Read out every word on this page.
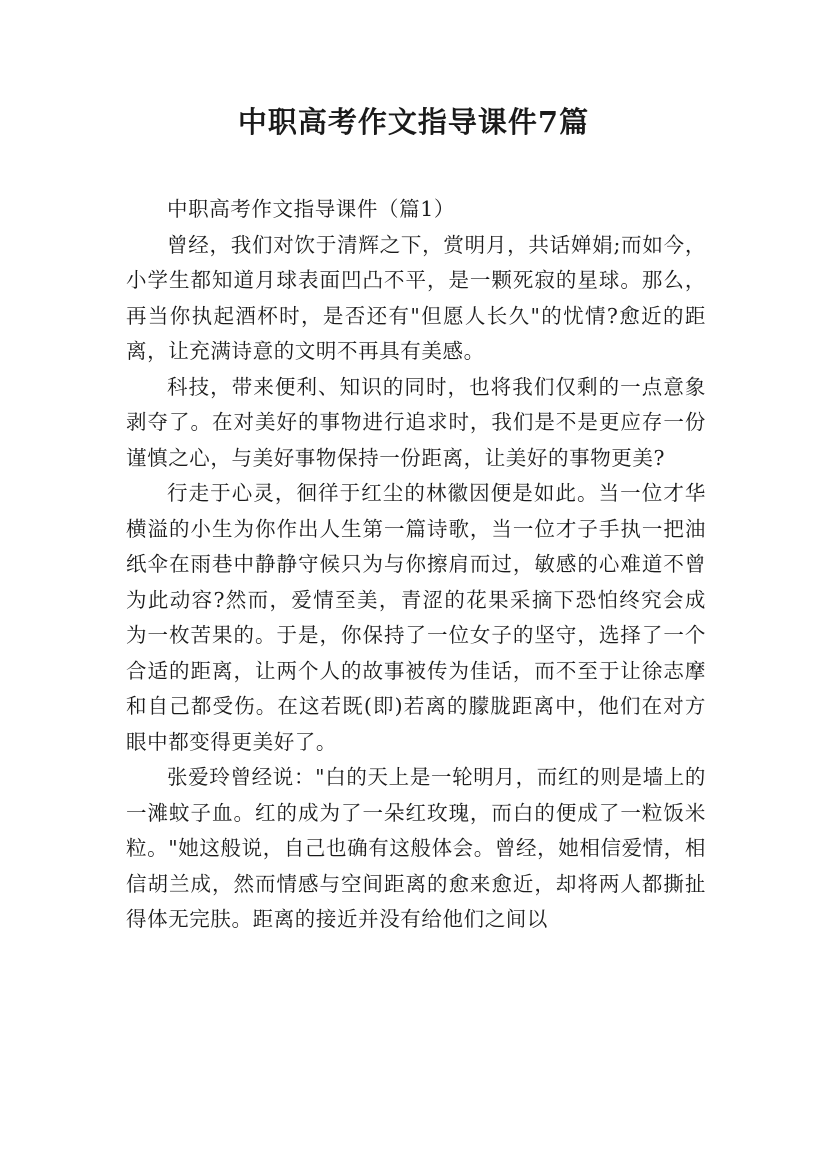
中职高考作文指导课件7篇

中职高考作文指导课件（篇1）

曾经，我们对饮于清辉之下，赏明月，共话婵娟;而如今，小学生都知道月球表面凹凸不平，是一颗死寂的星球。那么，再当你执起酒杯时，是否还有"但愿人长久"的忧情?愈近的距离，让充满诗意的文明不再具有美感。

科技，带来便利、知识的同时，也将我们仅剩的一点意象剥夺了。在对美好的事物进行追求时，我们是不是更应存一份谨慎之心，与美好事物保持一份距离，让美好的事物更美?

行走于心灵，徊徉于红尘的林徽因便是如此。当一位才华横溢的小生为你作出人生第一篇诗歌，当一位才子手执一把油纸伞在雨巷中静静守候只为与你擦肩而过，敏感的心难道不曾为此动容?然而，爱情至美，青涩的花果采摘下恐怕终究会成为一枚苦果的。于是，你保持了一位女子的坚守，选择了一个合适的距离，让两个人的故事被传为佳话，而不至于让徐志摩和自己都受伤。在这若既(即)若离的朦胧距离中，他们在对方眼中都变得更美好了。

张爱玲曾经说："白的天上是一轮明月，而红的则是墙上的一滩蚊子血。红的成为了一朵红玫瑰，而白的便成了一粒饭米粒。"她这般说，自己也确有这般体会。曾经，她相信爱情，相信胡兰成，然而情感与空间距离的愈来愈近，却将两人都撕扯得体无完肤。距离的接近并没有给他们之间以
